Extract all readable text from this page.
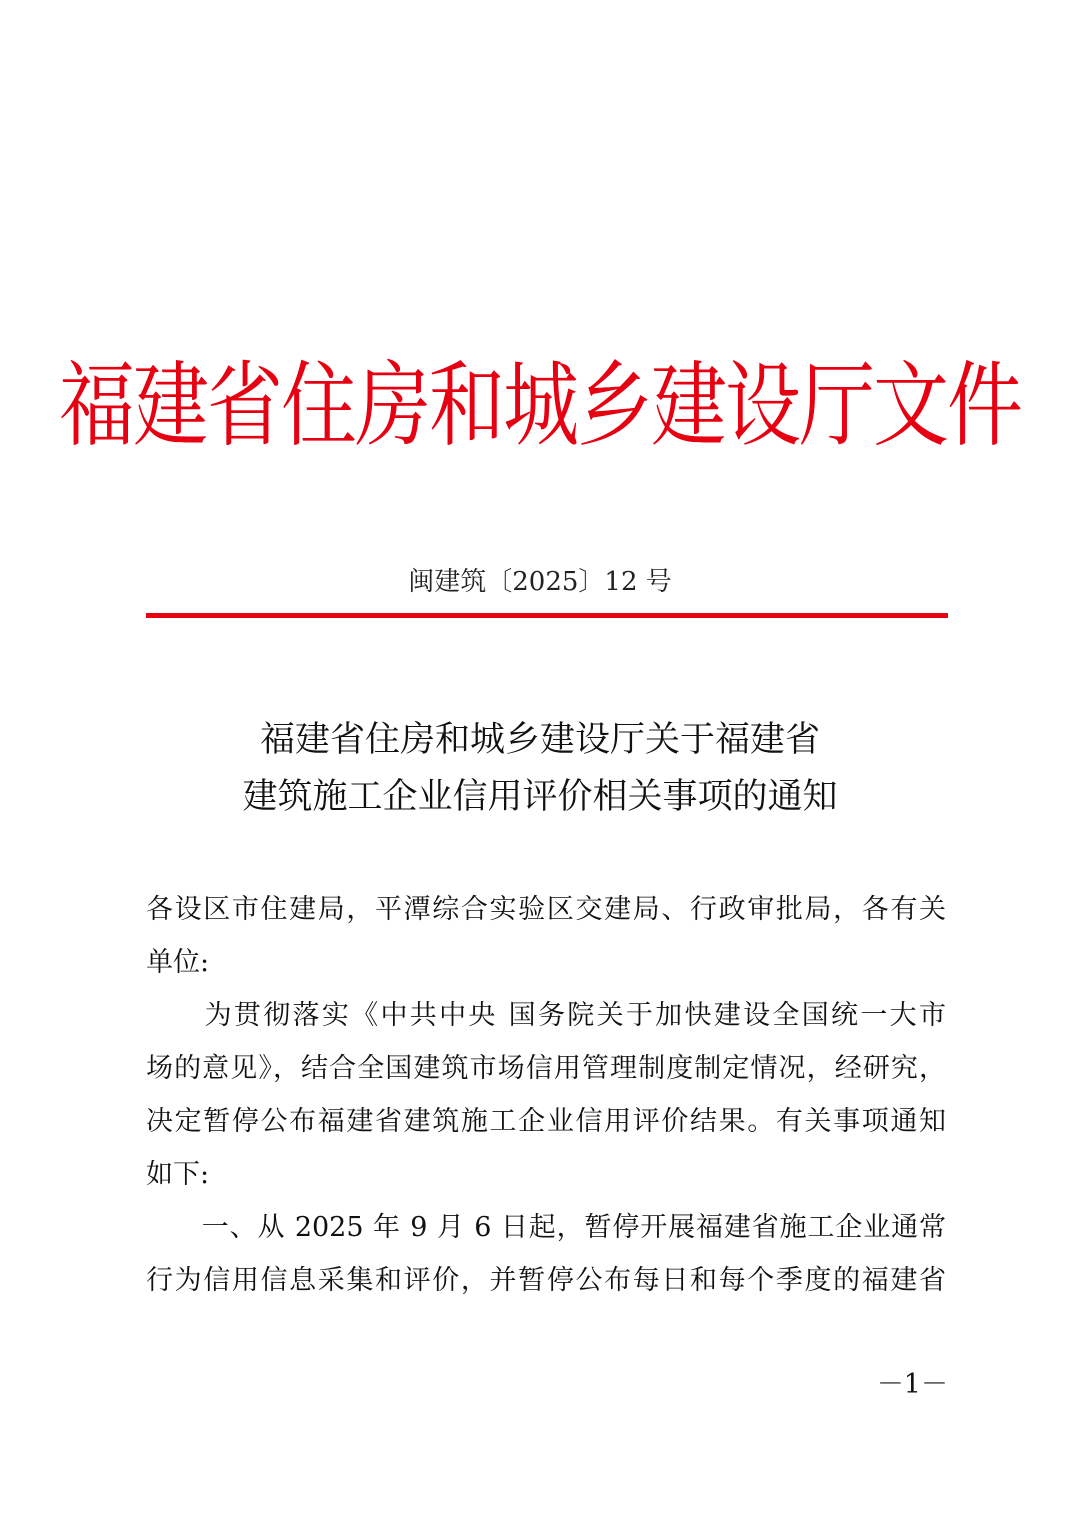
福建省住房和城乡建设厅文件
闽建筑〔2025〕12 号
福建省住房和城乡建设厅关于福建省
建筑施工企业信用评价相关事项的通知
各设区市住建局，平潭综合实验区交建局、行政审批局，各有关
单位:
　　为贯彻落实《中共中央 国务院关于加快建设全国统一大市
场的意见》，结合全国建筑市场信用管理制度制定情况，经研究，
决定暂停公布福建省建筑施工企业信用评价结果。有关事项通知
如下:
　　一、从 2025 年 9 月 6 日起，暂停开展福建省施工企业通常
行为信用信息采集和评价，并暂停公布每日和每个季度的福建省
－1－
